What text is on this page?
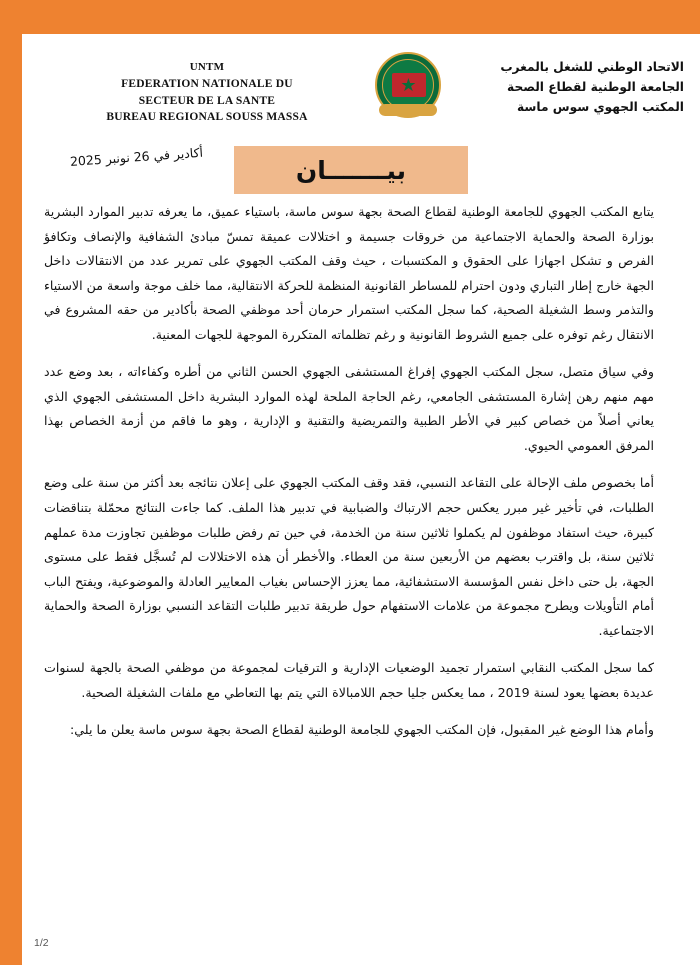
UNTM
FEDERATION NATIONALE DU
SECTEUR DE LA SANTE
BUREAU REGIONAL SOUSS MASSA
★
الاتحاد الوطني للشغل بالمغرب
الجامعة الوطنية لقطاع الصحة
المكتب الجهوي سوس ماسة
أكادير في 26 نونبر 2025
بيـــــــان

يتابع المكتب الجهوي للجامعة الوطنية لقطاع الصحة بجهة سوس ماسة، باستياء عميق، ما يعرفه تدبير الموارد البشرية بوزارة الصحة والحماية الاجتماعية من خروقات جسيمة و اختلالات عميقة تمسّ مبادئ الشفافية والإنصاف وتكافؤ الفرص و تشكل اجهازا على الحقوق و المكتسبات ، حيث وقف المكتب الجهوي على تمرير عدد من الانتقالات داخل الجهة خارج إطار التباري ودون احترام للمساطر القانونية المنظمة للحركة الانتقالية، مما خلف موجة واسعة من الاستياء والتذمر وسط الشغيلة الصحية، كما سجل المكتب استمرار حرمان أحد موظفي الصحة بأكادير من حقه المشروع في الانتقال رغم توفره على جميع الشروط القانونية و رغم تظلماته المتكررة الموجهة للجهات المعنية.

وفي سياق متصل، سجل المكتب الجهوي إفراغ المستشفى الجهوي الحسن الثاني من أطره وكفاءاته ، بعد وضع عدد مهم منهم رهن إشارة المستشفى الجامعي، رغم الحاجة الملحة لهذه الموارد البشرية داخل المستشفى الجهوي الذي يعاني أصلاً من خصاص كبير في الأطر الطبية والتمريضية والتقنية و الإدارية ، وهو ما فاقم من أزمة الخصاص بهذا المرفق العمومي الحيوي.

أما بخصوص ملف الإحالة على التقاعد النسبي، فقد وقف المكتب الجهوي على إعلان نتائجه بعد أكثر من سنة على وضع الطلبات، في تأخير غير مبرر يعكس حجم الارتباك والضبابية في تدبير هذا الملف. كما جاءت النتائج محمّلة بتناقضات كبيرة، حيث استفاد موظفون لم يكملوا ثلاثين سنة من الخدمة، في حين تم رفض طلبات موظفين تجاوزت مدة عملهم ثلاثين سنة، بل واقترب بعضهم من الأربعين سنة من العطاء. والأخطر أن هذه الاختلالات لم تُسجَّل فقط على مستوى الجهة، بل حتى داخل نفس المؤسسة الاستشفائية، مما يعزز الإحساس بغياب المعايير العادلة والموضوعية، ويفتح الباب أمام التأويلات ويطرح مجموعة من علامات الاستفهام حول طريقة تدبير طلبات التقاعد النسبي بوزارة الصحة والحماية الاجتماعية.

كما سجل المكتب النقابي استمرار تجميد الوضعيات الإدارية و الترقيات لمجموعة من موظفي الصحة بالجهة لسنوات عديدة بعضها يعود لسنة 2019 ، مما يعكس جليا حجم اللامبالاة التي يتم بها التعاطي مع ملفات الشغيلة الصحية.

وأمام هذا الوضع غير المقبول، فإن المكتب الجهوي للجامعة الوطنية لقطاع الصحة بجهة سوس ماسة يعلن ما يلي:

1/2
